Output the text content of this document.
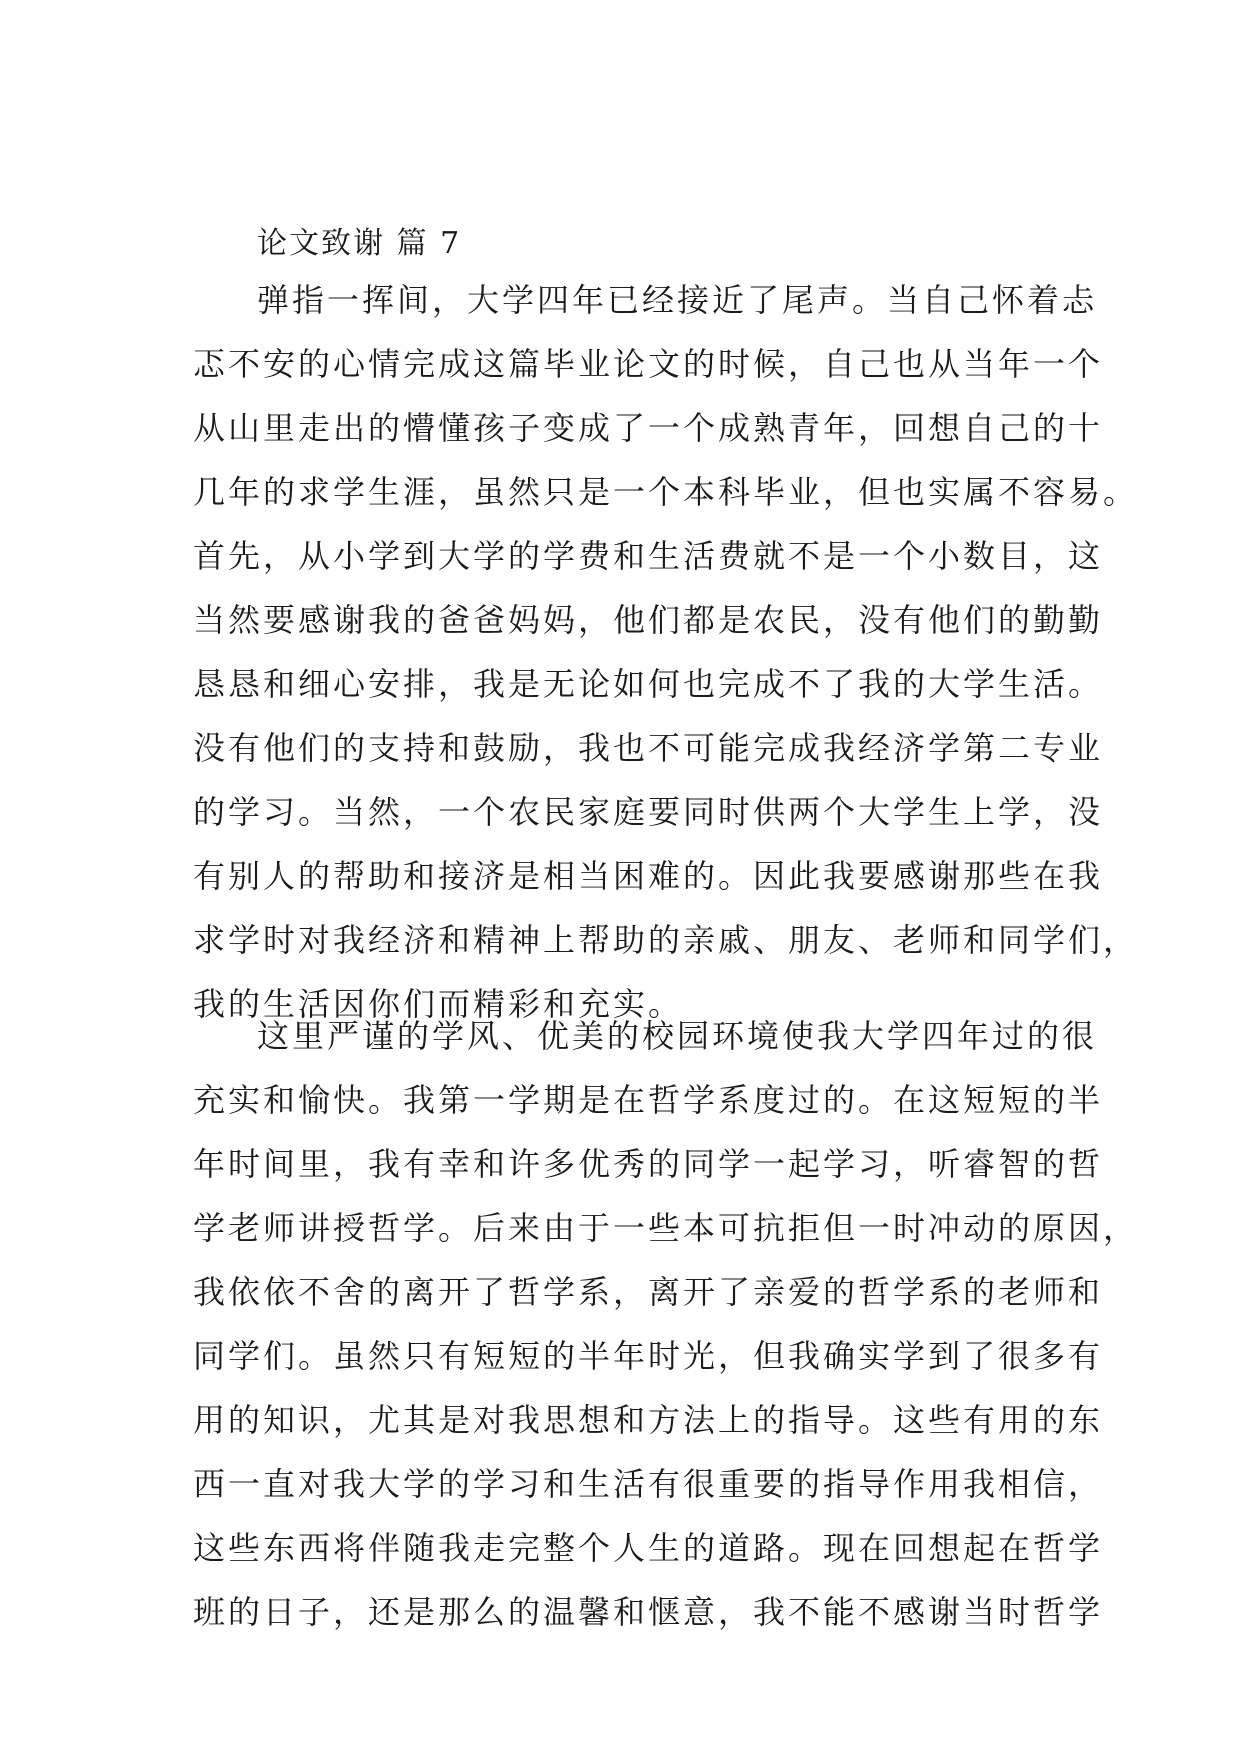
论文致谢 篇 7
弹指一挥间，大学四年已经接近了尾声。当自己怀着忐
忑不安的心情完成这篇毕业论文的时候，自己也从当年一个
从山里走出的懵懂孩子变成了一个成熟青年，回想自己的十
几年的求学生涯，虽然只是一个本科毕业，但也实属不容易。
首先，从小学到大学的学费和生活费就不是一个小数目，这
当然要感谢我的爸爸妈妈，他们都是农民，没有他们的勤勤
恳恳和细心安排，我是无论如何也完成不了我的大学生活。
没有他们的支持和鼓励，我也不可能完成我经济学第二专业
的学习。当然，一个农民家庭要同时供两个大学生上学，没
有别人的帮助和接济是相当困难的。因此我要感谢那些在我
求学时对我经济和精神上帮助的亲戚、朋友、老师和同学们，
我的生活因你们而精彩和充实。
这里严谨的学风、优美的校园环境使我大学四年过的很
充实和愉快。我第一学期是在哲学系度过的。在这短短的半
年时间里，我有幸和许多优秀的同学一起学习，听睿智的哲
学老师讲授哲学。后来由于一些本可抗拒但一时冲动的原因，
我依依不舍的离开了哲学系，离开了亲爱的哲学系的老师和
同学们。虽然只有短短的半年时光，但我确实学到了很多有
用的知识，尤其是对我思想和方法上的指导。这些有用的东
西一直对我大学的学习和生活有很重要的指导作用我相信，
这些东西将伴随我走完整个人生的道路。现在回想起在哲学
班的日子，还是那么的温馨和惬意，我不能不感谢当时哲学
